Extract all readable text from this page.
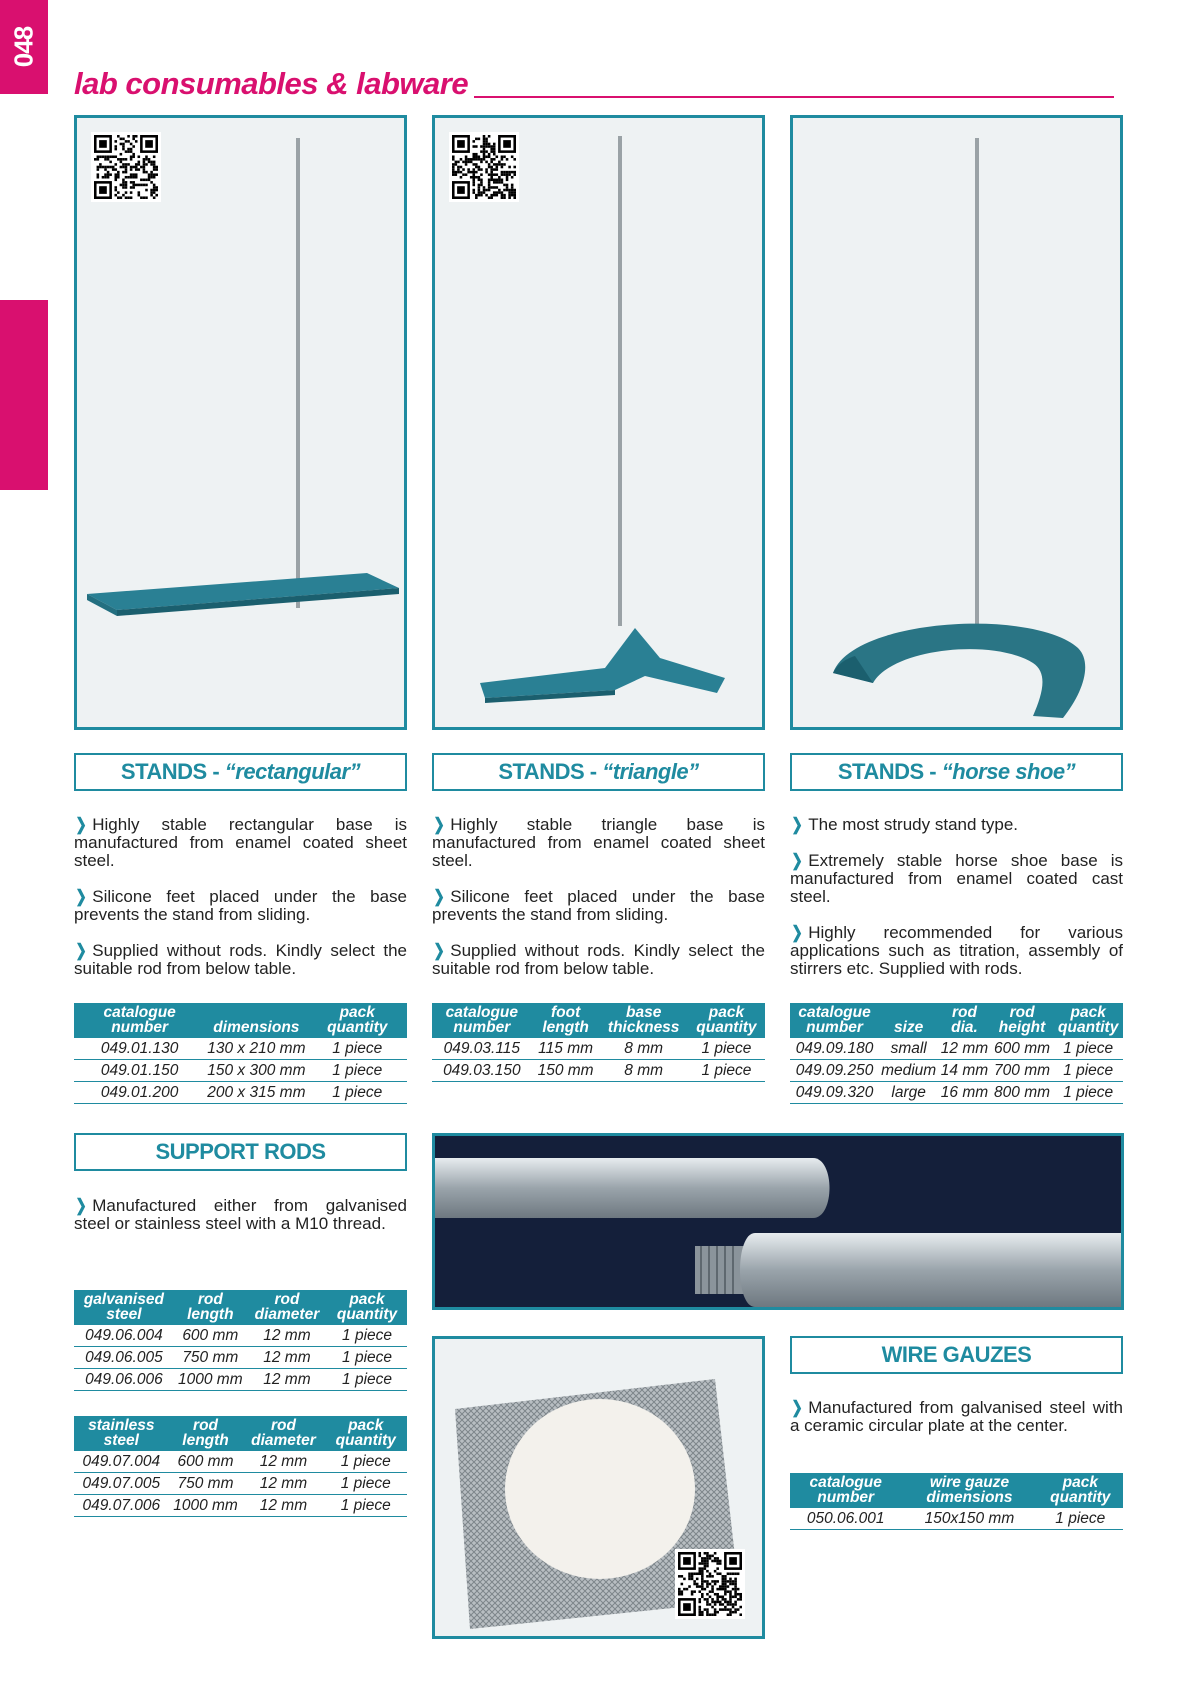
048
lab consumables & labware
STANDS - “rectangular”	STANDS - “triangle”	STANDS - “horse shoe”

❯ Highly stable rectangular base is manufactured from enamel coated sheet steel.

❯ Silicone feet placed under the base prevents the stand from sliding.

❯ Supplied without rods. Kindly select the suitable rod from below table.

❯ Highly stable triangle base is manufactured from enamel coated sheet steel.

❯ Silicone feet placed under the base prevents the stand from sliding.

❯ Supplied without rods. Kindly select the suitable rod from below table.

❯ The most strudy stand type.

❯ Extremely stable horse shoe base is manufactured from enamel coated cast steel.

❯ Highly recommended for various applications such as titration, assembly of stirrers etc. Supplied with rods.

catalogue number	dimensions	pack quantity
049.01.130	130 x 210 mm	1 piece
049.01.150	150 x 300 mm	1 piece
049.01.200	200 x 315 mm	1 piece
catalogue number	foot length	base thickness	pack quantity
049.03.115	115 mm	8 mm	1 piece
049.03.150	150 mm	8 mm	1 piece
catalogue number	size	rod dia.	rod height	pack quantity
049.09.180	small	12 mm	600 mm	1 piece
049.09.250	medium	14 mm	700 mm	1 piece
049.09.320	large	16 mm	800 mm	1 piece
SUPPORT RODS

❯ Manufactured either from galvanised steel or stainless steel with a M10 thread.

galvanised steel	rod length	rod diameter	pack quantity
049.06.004	600 mm	12 mm	1 piece
049.06.005	750 mm	12 mm	1 piece
049.06.006	1000 mm	12 mm	1 piece
stainless steel	rod length	rod diameter	pack quantity
049.07.004	600 mm	12 mm	1 piece
049.07.005	750 mm	12 mm	1 piece
049.07.006	1000 mm	12 mm	1 piece
WIRE GAUZES

❯ Manufactured from galvanised steel with a ceramic circular plate at the center.

catalogue number	wire gauze dimensions	pack quantity
050.06.001	150x150 mm	1 piece
